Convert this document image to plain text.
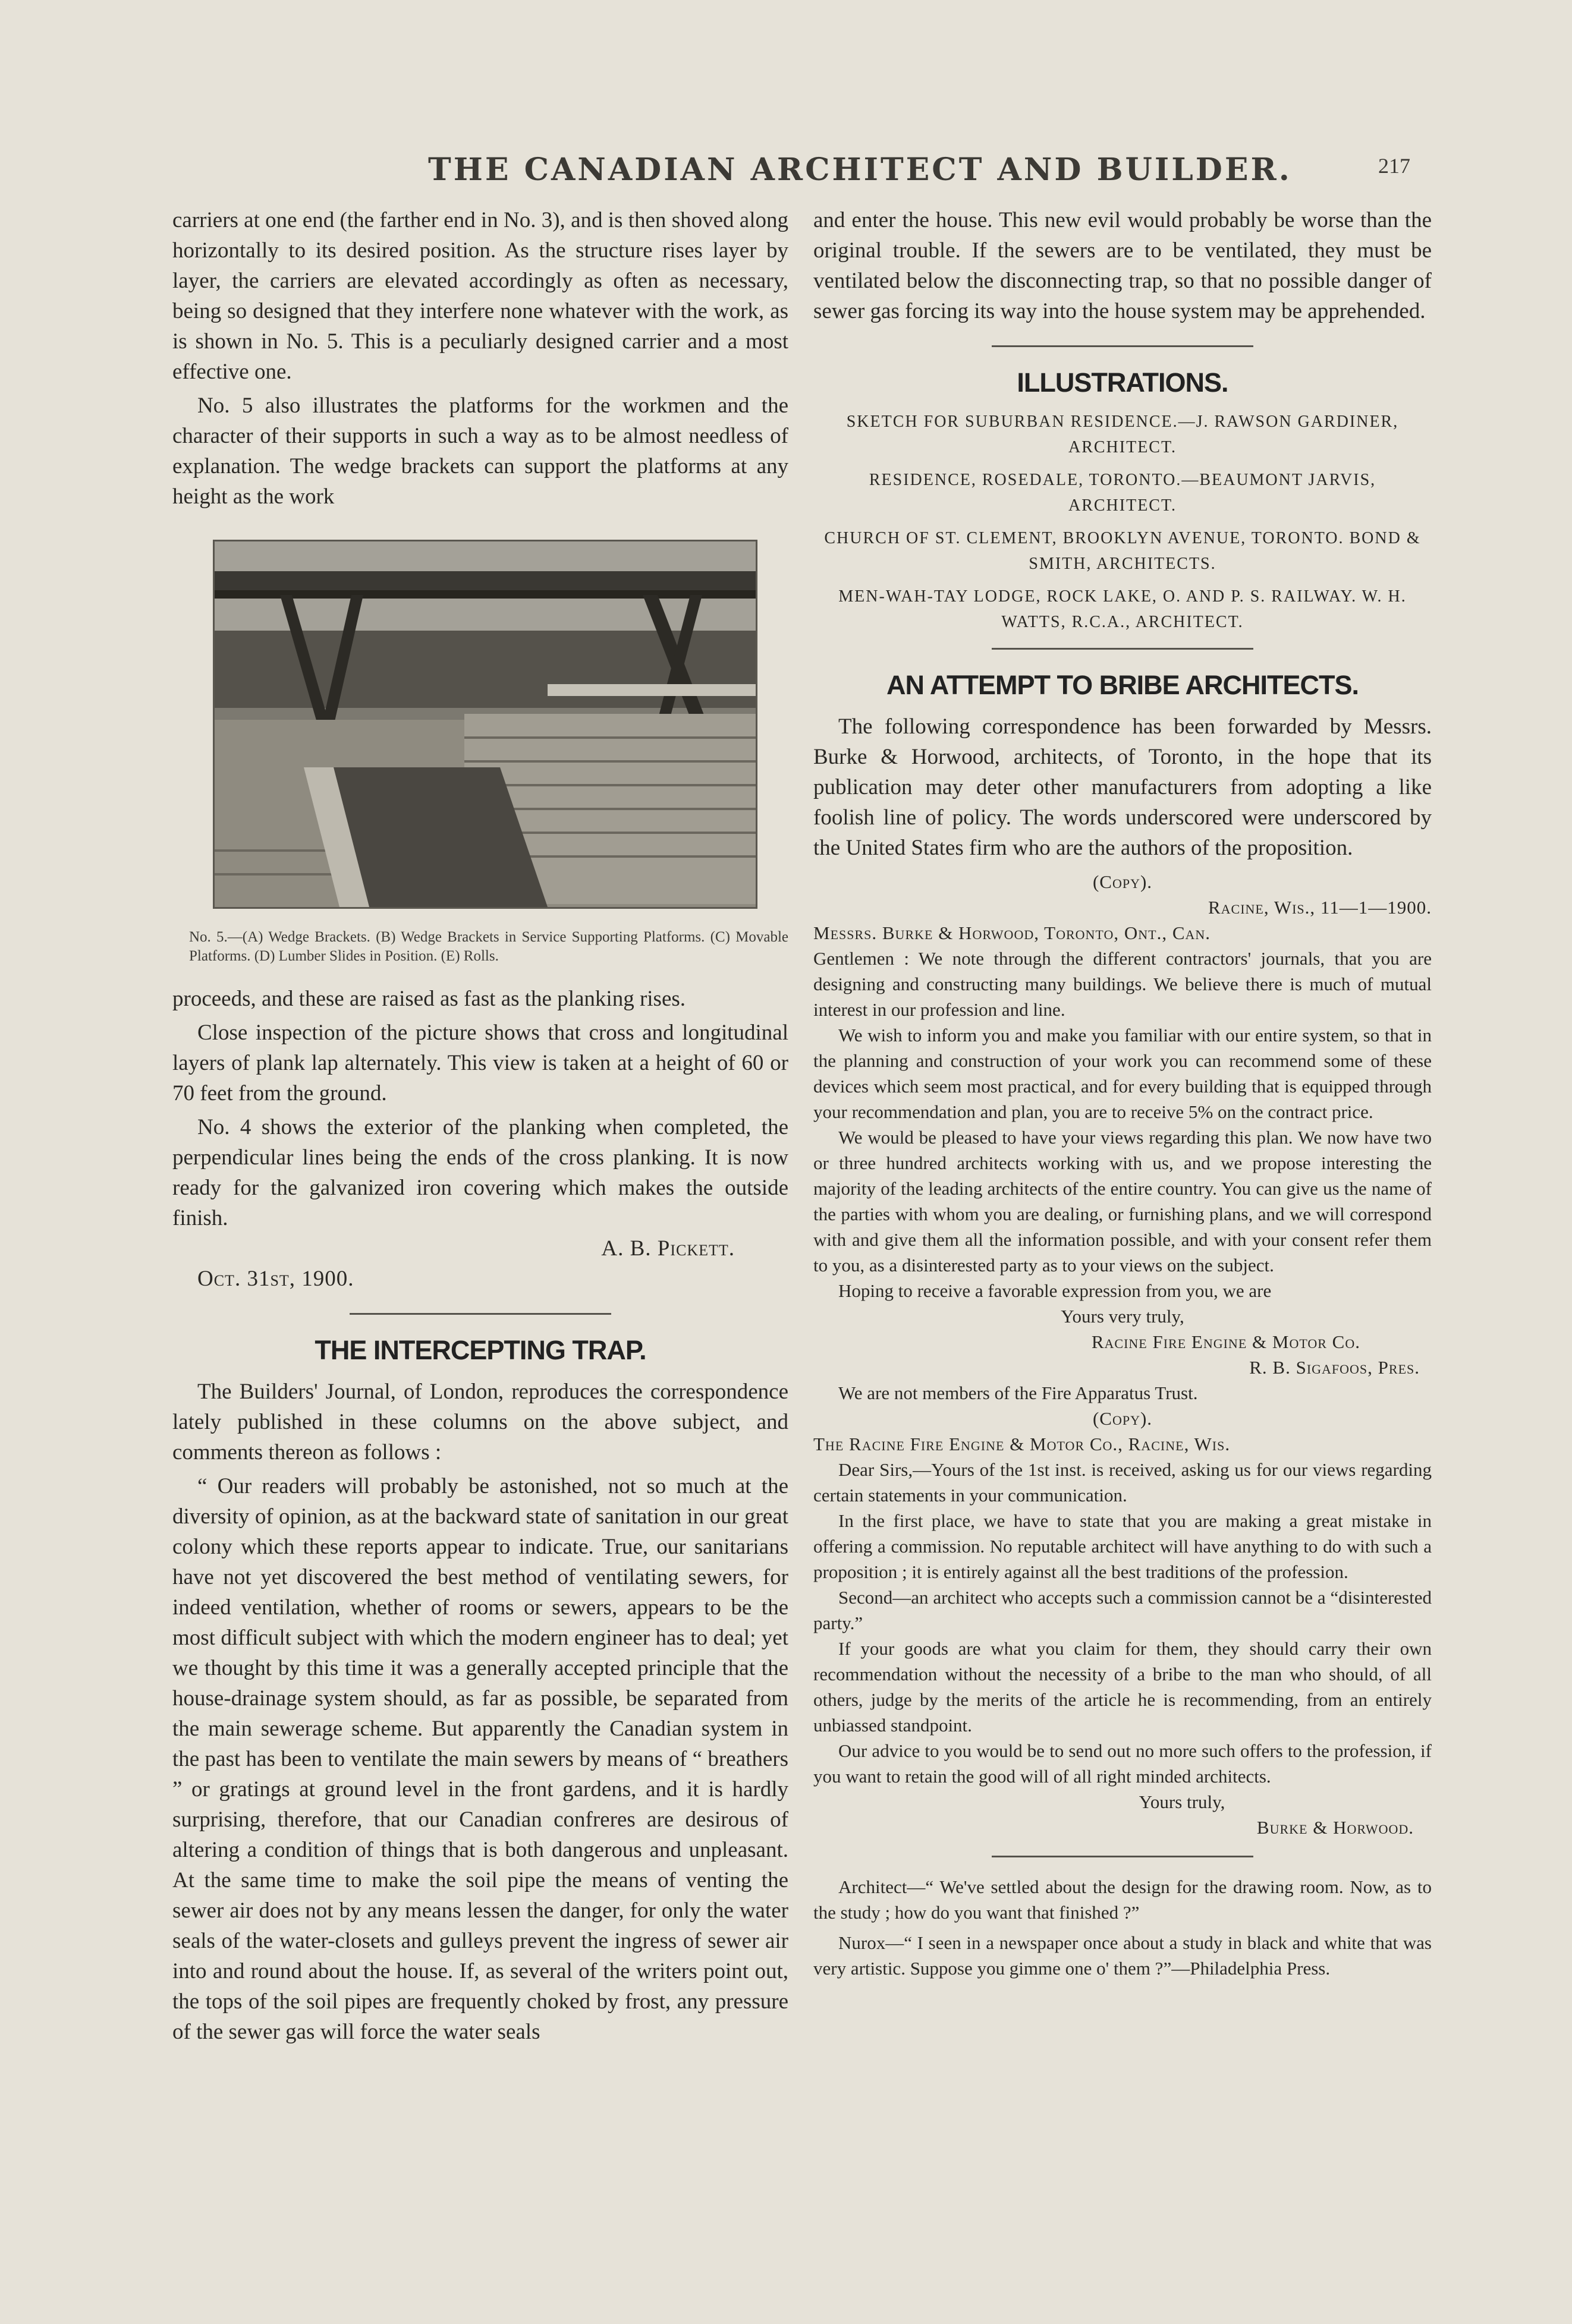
THE CANADIAN ARCHITECT AND BUILDER.	217

carriers at one end (the farther end in No. 3), and is then shoved along horizontally to its desired position. As the structure rises layer by layer, the carriers are elevated accordingly as often as necessary, being so designed that they interfere none whatever with the work, as is shown in No. 5. This is a peculiarly designed carrier and a most effective one.

No. 5 also illustrates the platforms for the workmen and the character of their supports in such a way as to be almost needless of explanation. The wedge brackets can support the platforms at any height as the work

No. 5.—(A) Wedge Brackets. (B) Wedge Brackets in Service Supporting Platforms. (C) Movable Platforms. (D) Lumber Slides in Position. (E) Rolls.

proceeds, and these are raised as fast as the planking rises.

Close inspection of the picture shows that cross and longitudinal layers of plank lap alternately. This view is taken at a height of 60 or 70 feet from the ground.

No. 4 shows the exterior of the planking when completed, the perpendicular lines being the ends of the cross planking. It is now ready for the galvanized iron covering which makes the outside finish.

A. B. Pickett.

Oct. 31st, 1900.

THE INTERCEPTING TRAP.

The Builders' Journal, of London, reproduces the correspondence lately published in these columns on the above subject, and comments thereon as follows :

“ Our readers will probably be astonished, not so much at the diversity of opinion, as at the backward state of sanitation in our great colony which these reports appear to indicate. True, our sanitarians have not yet discovered the best method of ventilating sewers, for indeed ventilation, whether of rooms or sewers, appears to be the most difficult subject with which the modern engineer has to deal; yet we thought by this time it was a generally accepted principle that the house-drainage system should, as far as possible, be separated from the main sewerage scheme. But apparently the Canadian system in the past has been to ventilate the main sewers by means of “ breathers ” or gratings at ground level in the front gardens, and it is hardly surprising, therefore, that our Canadian confreres are desirous of altering a condition of things that is both dangerous and unpleasant. At the same time to make the soil pipe the means of venting the sewer air does not by any means lessen the danger, for only the water seals of the water-closets and gulleys prevent the ingress of sewer air into and round about the house. If, as several of the writers point out, the tops of the soil pipes are frequently choked by frost, any pressure of the sewer gas will force the water seals

and enter the house. This new evil would probably be worse than the original trouble. If the sewers are to be ventilated, they must be ventilated below the disconnecting trap, so that no possible danger of sewer gas forcing its way into the house system may be apprehended.

ILLUSTRATIONS.

SKETCH FOR SUBURBAN RESIDENCE.—J. RAWSON GARDINER, ARCHITECT.

RESIDENCE, ROSEDALE, TORONTO.—BEAUMONT JARVIS, ARCHITECT.

CHURCH OF ST. CLEMENT, BROOKLYN AVENUE, TORONTO. BOND & SMITH, ARCHITECTS.

MEN-WAH-TAY LODGE, ROCK LAKE, O. AND P. S. RAILWAY. W. H. WATTS, R.C.A., ARCHITECT.

AN ATTEMPT TO BRIBE ARCHITECTS.

The following correspondence has been forwarded by Messrs. Burke & Horwood, architects, of Toronto, in the hope that its publication may deter other manufacturers from adopting a like foolish line of policy. The words underscored were underscored by the United States firm who are the authors of the proposition.

(Copy).

Racine, Wis., 11—1—1900.

Messrs. Burke & Horwood, Toronto, Ont., Can.

Gentlemen : We note through the different contractors' journals, that you are designing and constructing many buildings. We believe there is much of mutual interest in our profession and line.

We wish to inform you and make you familiar with our entire system, so that in the planning and construction of your work you can recommend some of these devices which seem most practical, and for every building that is equipped through your recommendation and plan, you are to receive 5% on the contract price.

We would be pleased to have your views regarding this plan. We now have two or three hundred architects working with us, and we propose interesting the majority of the leading architects of the entire country. You can give us the name of the parties with whom you are dealing, or furnishing plans, and we will correspond with and give them all the information possible, and with your consent refer them to you, as a disinterested party as to your views on the subject.

Hoping to receive a favorable expression from you, we are

Yours very truly,

Racine Fire Engine & Motor Co.

R. B. Sigafoos, Pres.

We are not members of the Fire Apparatus Trust.

(Copy).

The Racine Fire Engine & Motor Co., Racine, Wis.

Dear Sirs,—Yours of the 1st inst. is received, asking us for our views regarding certain statements in your communication.

In the first place, we have to state that you are making a great mistake in offering a commission. No reputable architect will have anything to do with such a proposition ; it is entirely against all the best traditions of the profession.

Second—an architect who accepts such a commission cannot be a “disinterested party.”

If your goods are what you claim for them, they should carry their own recommendation without the necessity of a bribe to the man who should, of all others, judge by the merits of the article he is recommending, from an entirely unbiassed standpoint.

Our advice to you would be to send out no more such offers to the profession, if you want to retain the good will of all right minded architects.

Yours truly,

Burke & Horwood.

Architect—“ We've settled about the design for the drawing room. Now, as to the study ; how do you want that finished ?”

Nurox—“ I seen in a newspaper once about a study in black and white that was very artistic. Suppose you gimme one o' them ?”—Philadelphia Press.
